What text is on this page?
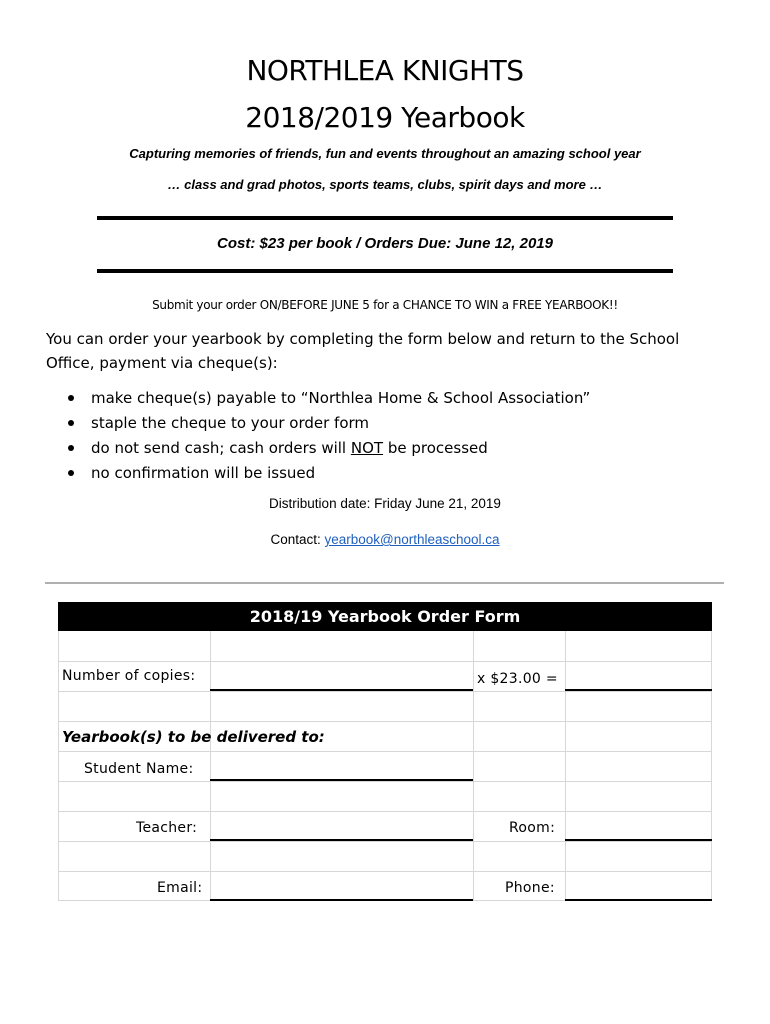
NORTHLEA KNIGHTS
2018/2019 Yearbook
Capturing memories of friends, fun and events throughout an amazing school year
… class and grad photos, sports teams, clubs, spirit days and more …
Cost: $23 per book / Orders Due: June 12, 2019
Submit your order ON/BEFORE JUNE 5 for a CHANCE TO WIN a FREE YEARBOOK!!
You can order your yearbook by completing the form below and return to the School Office, payment via cheque(s):
make cheque(s) payable to “Northlea Home & School Association”
staple the cheque to your order form
do not send cash; cash orders will NOT be processed
no confirmation will be issued
Distribution date: Friday June 21, 2019
Contact: yearbook@northleaschool.ca
2018/19 Yearbook Order Form
Number of copies:	x $23.00 =
Yearbook(s) to be delivered to:
Student Name:
Teacher:	Room:
Email:	Phone:
